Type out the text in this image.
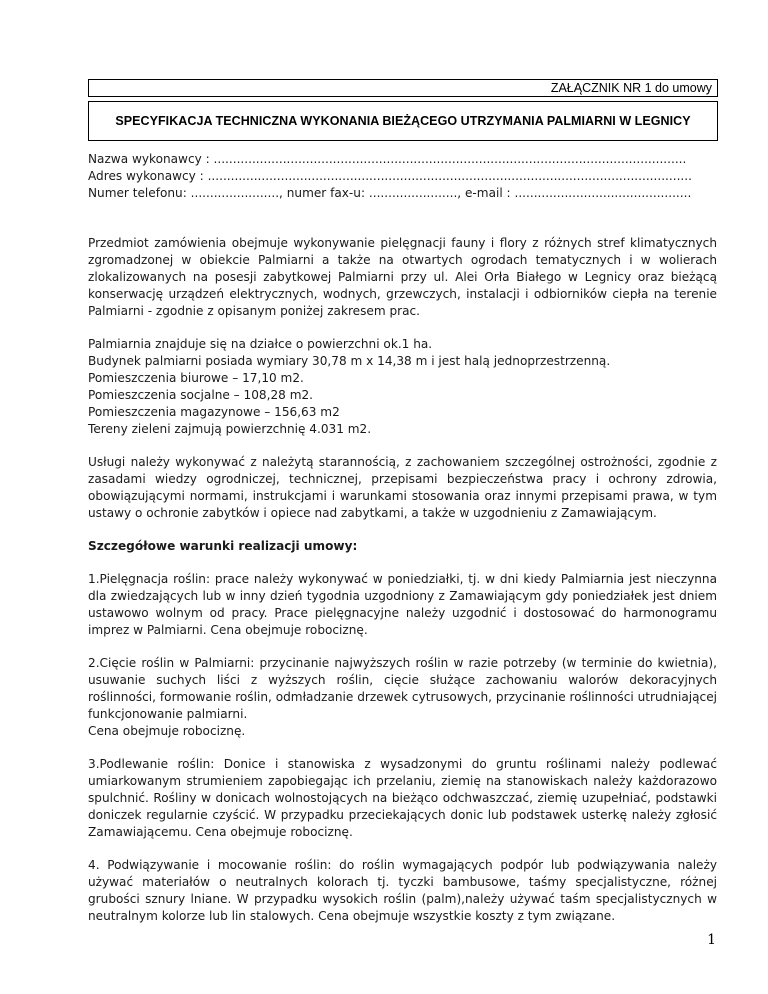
ZAŁĄCZNIK NR 1 do umowy
SPECYFIKACJA TECHNICZNA WYKONANIA BIEŻĄCEGO UTRZYMANIA PALMIARNI W LEGNICY

Nazwa wykonawcy : ...........................................................................................................................

Adres wykonawcy : ..............................................................................................................................

Numer telefonu: ......................., numer fax-u: ......................., e-mail : ..............................................

Przedmiot zamówienia obejmuje wykonywanie pielęgnacji fauny i flory z różnych stref klimatycznych zgromadzonej w obiekcie Palmiarni a także na otwartych ogrodach tematycznych i w wolierach zlokalizowanych na posesji zabytkowej Palmiarni przy ul. Alei Orła Białego w Legnicy oraz bieżącą konserwację urządzeń elektrycznych, wodnych, grzewczych, instalacji i odbiorników ciepła na terenie Palmiarni - zgodnie z opisanym poniżej zakresem prac.

Palmiarnia znajduje się na działce o powierzchni ok.1 ha.

Budynek palmiarni posiada wymiary 30,78 m x 14,38 m i jest halą jednoprzestrzenną.

Pomieszczenia biurowe – 17,10 m2.

Pomieszczenia socjalne – 108,28 m2.

Pomieszczenia magazynowe – 156,63 m2

Tereny zieleni zajmują powierzchnię 4.031 m2.

Usługi należy wykonywać z należytą starannością, z zachowaniem szczególnej ostrożności, zgodnie z zasadami wiedzy ogrodniczej, technicznej, przepisami bezpieczeństwa pracy i ochrony zdrowia, obowiązującymi normami, instrukcjami i warunkami stosowania oraz innymi przepisami prawa, w tym ustawy o ochronie zabytków i opiece nad zabytkami, a także w uzgodnieniu z Zamawiającym.

Szczegółowe warunki realizacji umowy:

1.Pielęgnacja roślin: prace należy wykonywać w poniedziałki, tj. w dni kiedy Palmiarnia jest nieczynna dla zwiedzających lub w inny dzień tygodnia uzgodniony z Zamawiającym gdy poniedziałek jest dniem ustawowo wolnym od pracy. Prace pielęgnacyjne należy uzgodnić i dostosować do harmonogramu imprez w Palmiarni. Cena obejmuje robociznę.

2.Cięcie roślin w Palmiarni: przycinanie najwyższych roślin w razie potrzeby (w terminie do kwietnia), usuwanie suchych liści z wyższych roślin, cięcie służące zachowaniu walorów dekoracyjnych roślinności, formowanie roślin, odmładzanie drzewek cytrusowych, przycinanie roślinności utrudniającej funkcjonowanie palmiarni.

Cena obejmuje robociznę.

3.Podlewanie roślin: Donice i stanowiska z wysadzonymi do gruntu roślinami należy podlewać umiarkowanym strumieniem zapobiegając ich przelaniu, ziemię na stanowiskach należy każdorazowo spulchnić. Rośliny w donicach wolnostojących na bieżąco odchwaszczać, ziemię uzupełniać, podstawki doniczek regularnie czyścić. W przypadku przeciekających donic lub podstawek usterkę należy zgłosić Zamawiającemu. Cena obejmuje robociznę.

4. Podwiązywanie i mocowanie roślin: do roślin wymagających podpór lub podwiązywania należy używać materiałów o neutralnych kolorach tj. tyczki bambusowe, taśmy specjalistyczne, różnej grubości sznury lniane. W przypadku wysokich roślin (palm),należy używać taśm specjalistycznych w neutralnym kolorze lub lin stalowych. Cena obejmuje wszystkie koszty z tym związane.

1
